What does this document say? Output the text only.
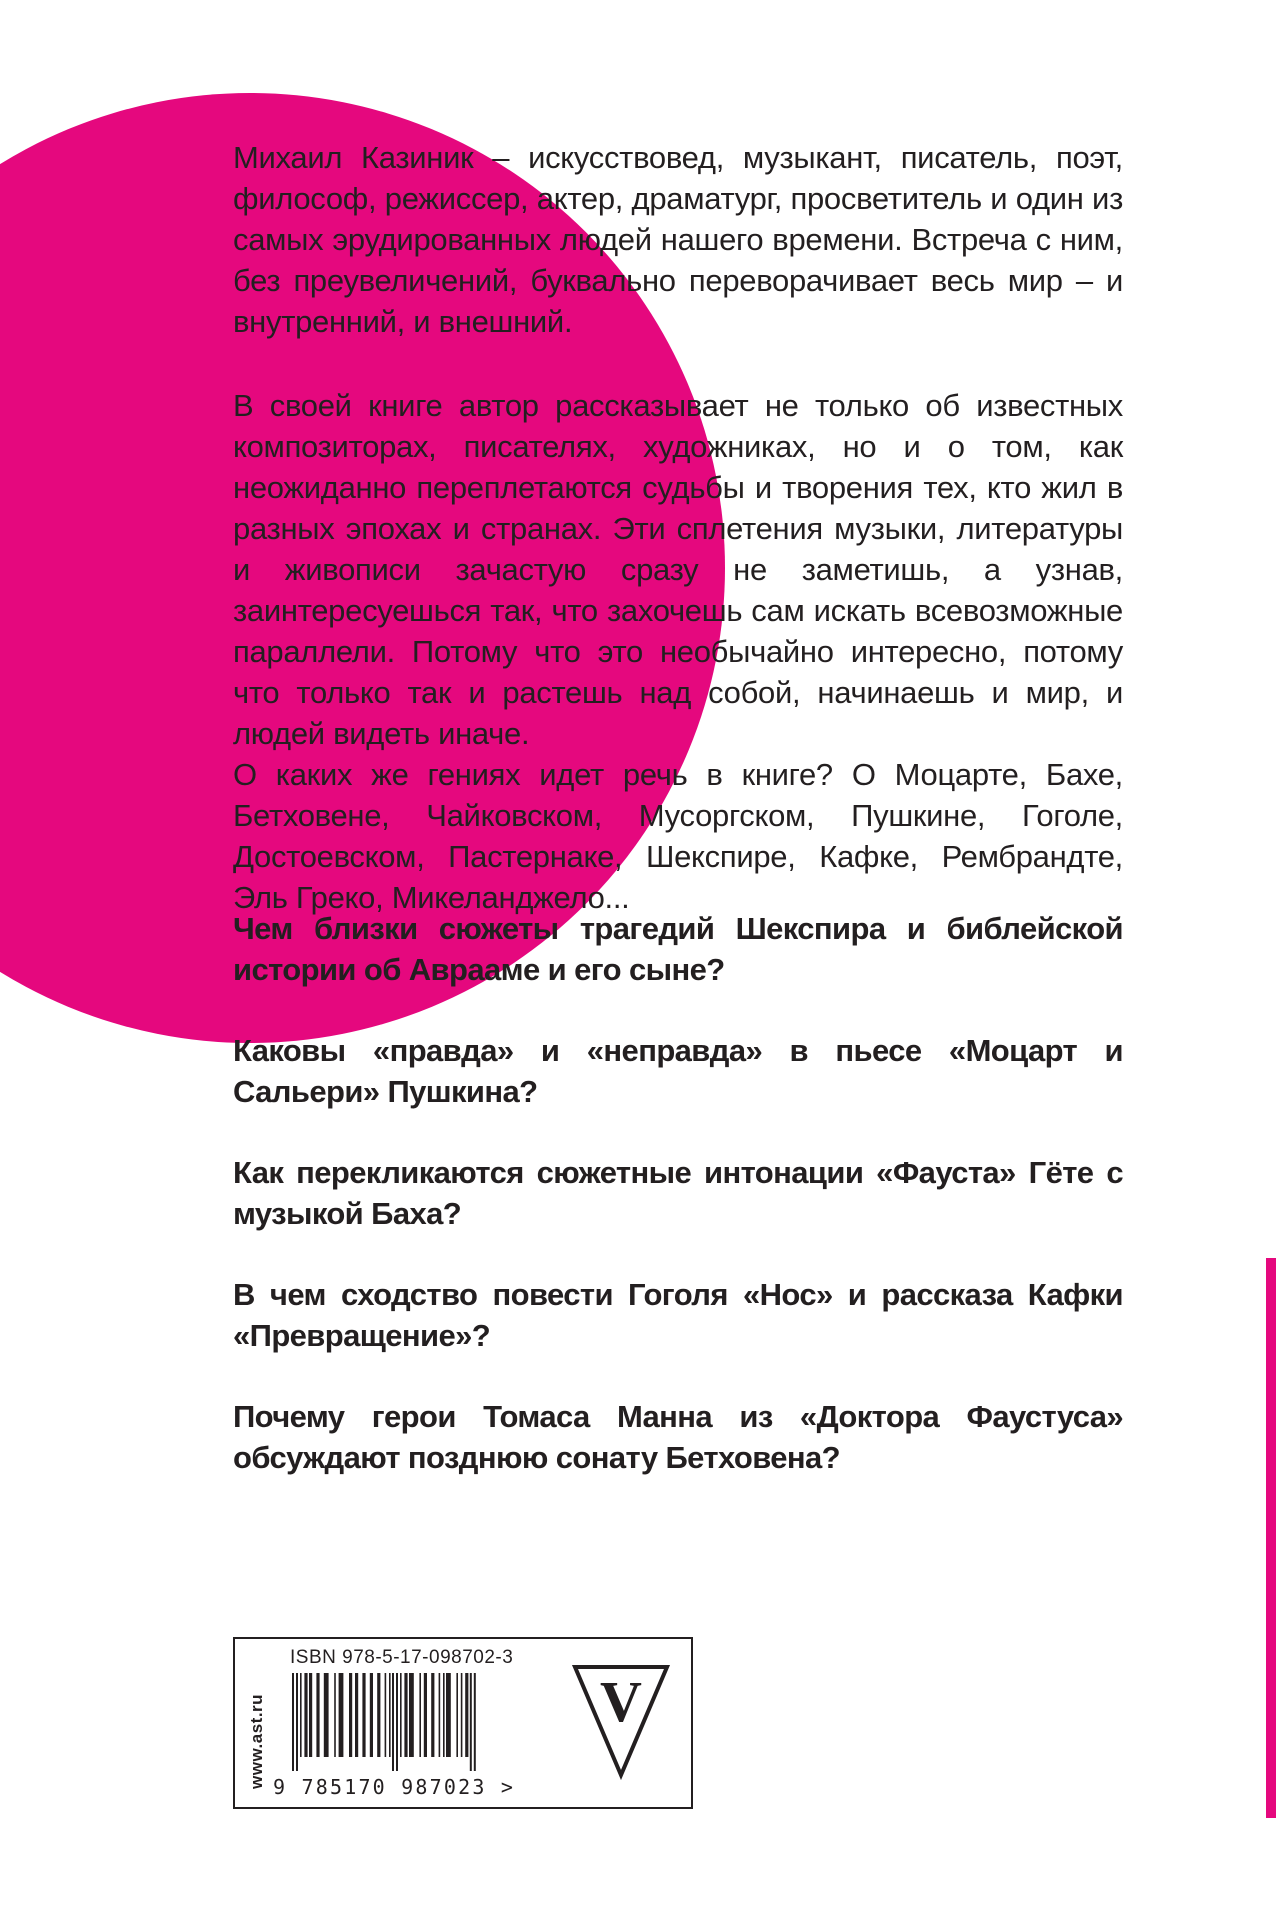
Михаил Казиник – искусствовед, музыкант, писатель, поэт, философ, режиссер, актер, драматург, просветитель и один из самых эрудированных людей нашего времени. Встреча с ним, без преувеличений, буквально переворачивает весь мир – и внутренний, и внешний.

В своей книге автор рассказывает не только об известных композиторах, писателях, художниках, но и о том, как неожиданно переплетаются судьбы и творения тех, кто жил в разных эпохах и странах. Эти сплетения музыки, литературы и живописи зачастую сразу не заметишь, а узнав, заинтересуешься так, что захочешь сам искать всевозможные параллели. Потому что это необычайно интересно, потому что только так и растешь над собой, начинаешь и мир, и людей видеть иначе.

О каких же гениях идет речь в книге? О Моцарте, Бахе, Бетховене, Чайковском, Мусоргском, Пушкине, Гоголе, Достоевском, Пастернаке, Шекспире, Кафке, Рембрандте, Эль Греко, Микеланджело...

Чем близки сюжеты трагедий Шекспира и библейской истории об Аврааме и его сыне?

Каковы «правда» и «неправда» в пьесе «Моцарт и Сальери» Пушкина?

Как перекликаются сюжетные интонации «Фауста» Гёте с музыкой Баха?

В чем сходство повести Гоголя «Нос» и рассказа Кафки «Превращение»?

Почему герои Томаса Манна из «Доктора Фаустуса» обсуждают позднюю сонату Бетховена?

www.ast.ru
ISBN 978-5-17-098702-3
9 785170 987023 >
V
